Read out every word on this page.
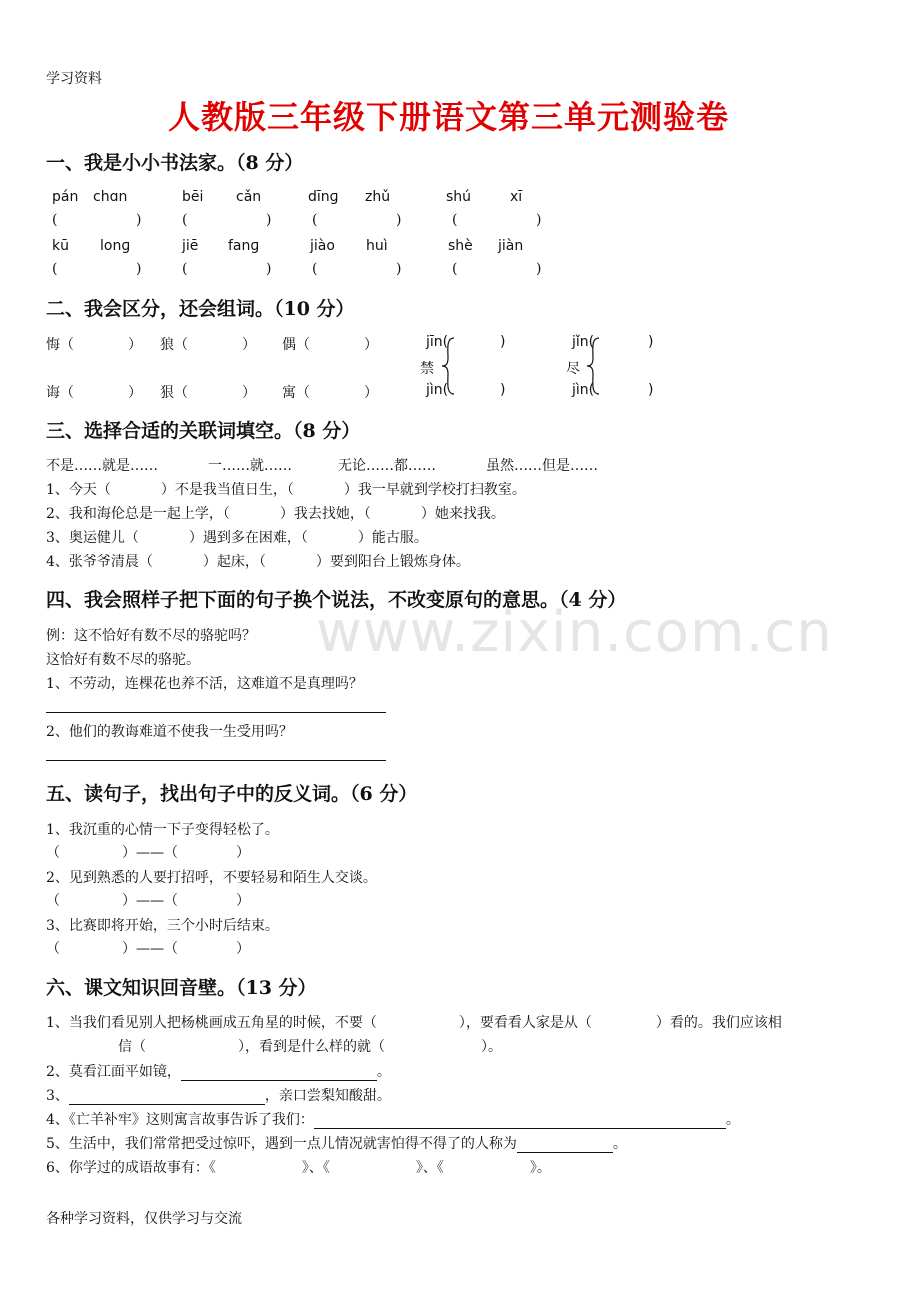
学习资料
人教版三年级下册语文第三单元测验卷
www.zixin.com.cn
一、我是小小书法家。（8 分）
pán chɑn	bēi cǎn	dīnɡ zhǔ	shú	xī
(	)	(	)	(	)	(	)
kū lonɡ	jiē fanɡ	jiào huì	shè jiàn
(	)	(	)	(	)	(	)
二、我会区分，还会组词。（10 分）
悔（	） 狼（	） 偶（	）
诲（	） 狠（	） 寓（	）
jīn(	)
禁
jìn(	)
jǐn(	)
尽
jìn(	)
三、选择合适的关联词填空。（8 分）
不是……就是……	一……就……	无论……都……	虽然……但是……
1、今天（	）不是我当值日生，（	）我一早就到学校打扫教室。
2、我和海伦总是一起上学，（	）我去找她，（	）她来找我。
3、奥运健儿（	）遇到多在困难，（	）能古服。
4、张爷爷清晨（	）起床，（	）要到阳台上锻炼身体。
四、我会照样子把下面的句子换个说法，不改变原句的意思。（4 分）
例：这不恰好有数不尽的骆驼吗？
这恰好有数不尽的骆驼。
1、不劳动，连棵花也养不活，这难道不是真理吗？
2、他们的教诲难道不使我一生受用吗？
五、读句子，找出句子中的反义词。（6 分）
1、我沉重的心情一下子变得轻松了。
（	）——（	）
2、见到熟悉的人要打招呼，不要轻易和陌生人交谈。
（	）——（	）
3、比赛即将开始，三个小时后结束。
（	）——（	）
六、课文知识回音壁。（13 分）
1、当我们看见别人把杨桃画成五角星的时候，不要（	），要看看人家是从（	）看的。我们应该相
信（	），看到是什么样的就（	）。
2、莫看江面平如镜，	。
3、	，亲口尝梨知酸甜。
4、《亡羊补牢》这则寓言故事告诉了我们：	。
5、生活中，我们常常把受过惊吓，遇到一点儿情况就害怕得不得了的人称为	。
6、你学过的成语故事有：《	》、《	》、《	》。
各种学习资料，仅供学习与交流
